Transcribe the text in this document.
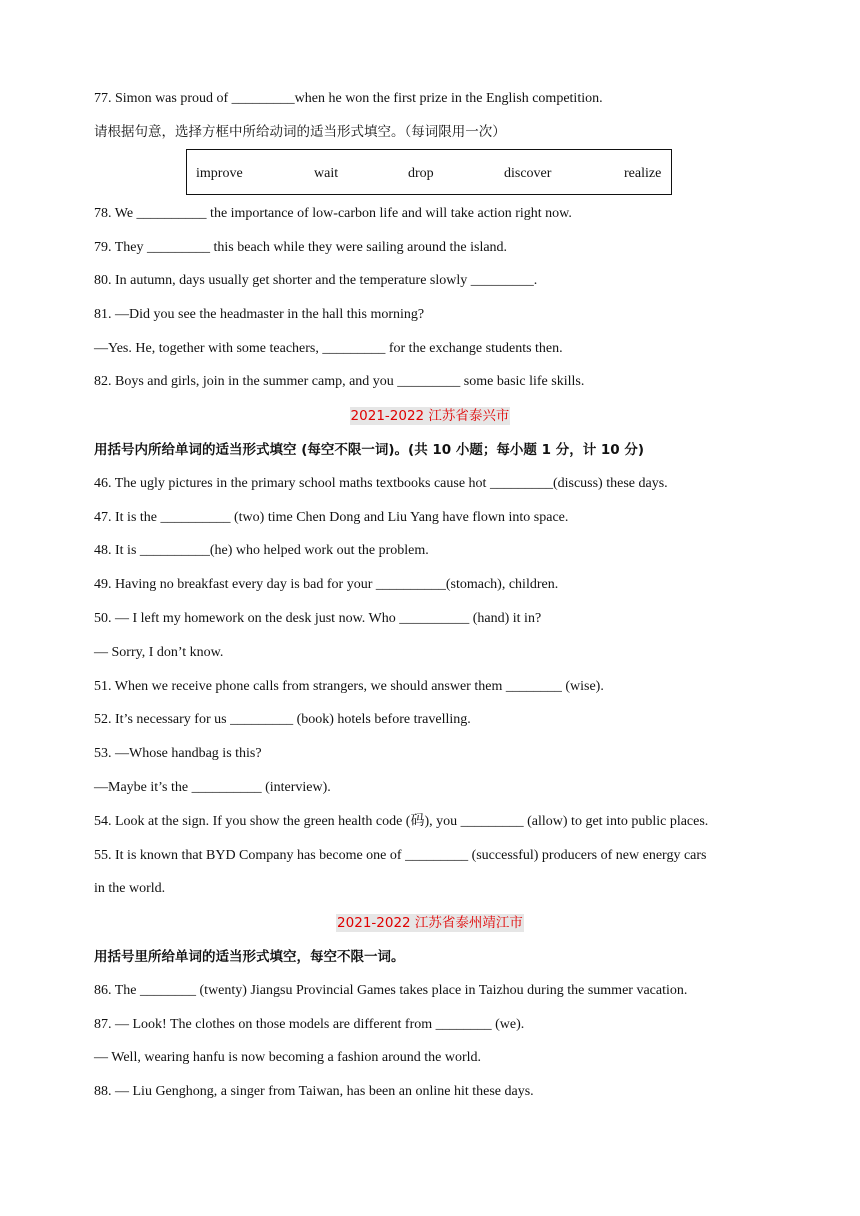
77. Simon was proud of _________when he won the first prize in the English competition.
请根据句意，选择方框中所给动词的适当形式填空。（每词限用一次）
improve	wait	drop	discover	realize
78. We __________ the importance of low-carbon life and will take action right now.
79. They _________ this beach while they were sailing around the island.
80. In autumn, days usually get shorter and the temperature slowly _________.
81. —Did you see the headmaster in the hall this morning?
—Yes. He, together with some teachers, _________ for the exchange students then.
82. Boys and girls, join in the summer camp, and you _________ some basic life skills.
2021-2022 江苏省泰兴市
用括号内所给单词的适当形式填空 (每空不限一词)。(共 10 小题；每小题 1 分，计 10 分)
46. The ugly pictures in the primary school maths textbooks cause hot _________(discuss) these days.
47. It is the __________ (two) time Chen Dong and Liu Yang have flown into space.
48. It is __________(he) who helped work out the problem.
49. Having no breakfast every day is bad for your __________(stomach), children.
50. — I left my homework on the desk just now. Who __________ (hand) it in?
— Sorry, I don’t know.
51. When we receive phone calls from strangers, we should answer them ________ (wise).
52. It’s necessary for us _________ (book) hotels before travelling.
53. —Whose handbag is this?
—Maybe it’s the __________ (interview).
54. Look at the sign. If you show the green health code (码), you _________ (allow) to get into public places.
55. It is known that BYD Company has become one of _________ (successful) producers of new energy cars
in the world.
2021-2022 江苏省泰州靖江市
用括号里所给单词的适当形式填空，每空不限一词。
86. The ________ (twenty) Jiangsu Provincial Games takes place in Taizhou during the summer vacation.
87. — Look! The clothes on those models are different from ________ (we).
— Well, wearing hanfu is now becoming a fashion around the world.
88. — Liu Genghong, a singer from Taiwan, has been an online hit these days.
